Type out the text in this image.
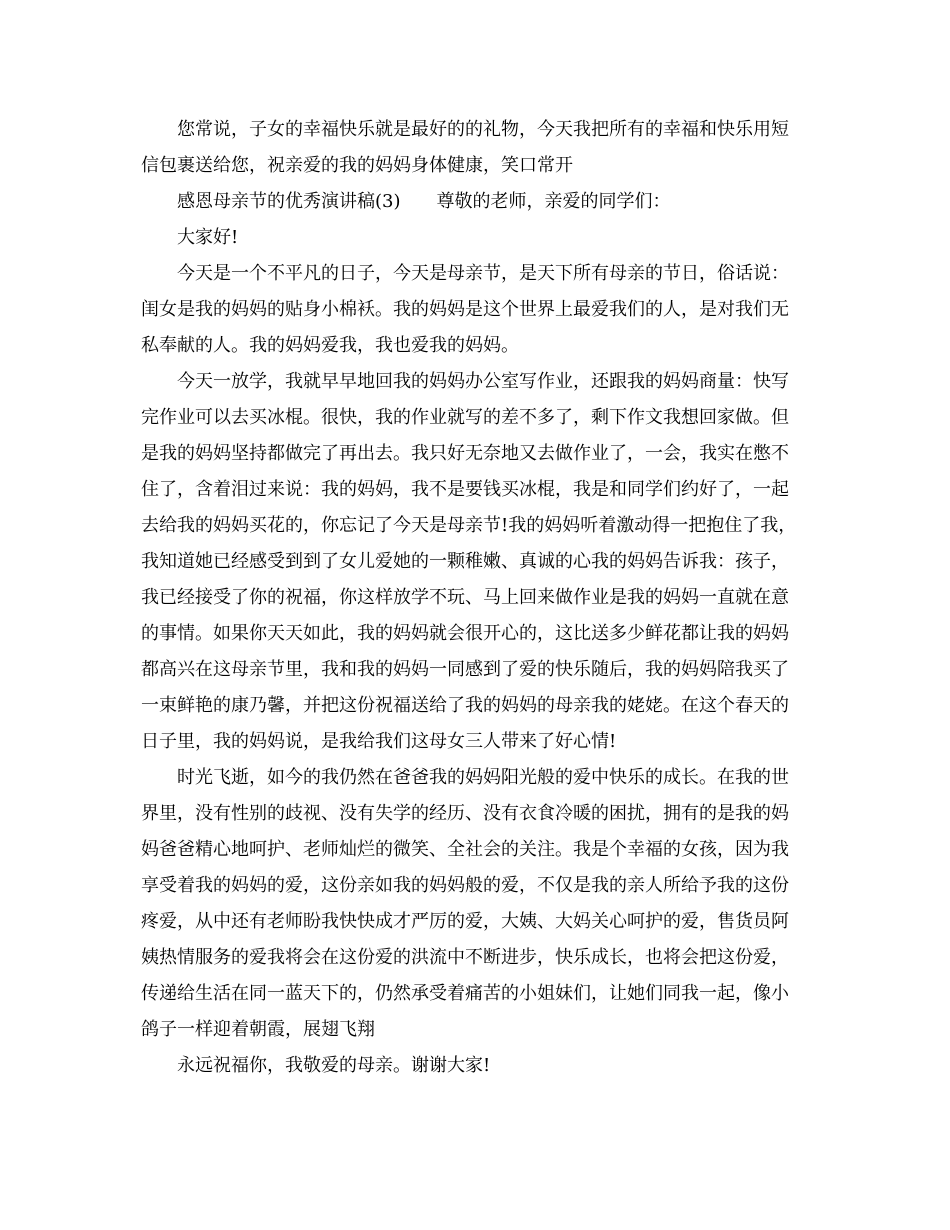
您常说，子女的幸福快乐就是最好的的礼物，今天我把所有的幸福和快乐用短
信包裹送给您，祝亲爱的我的妈妈身体健康，笑口常开
感恩母亲节的优秀演讲稿(3) 尊敬的老师，亲爱的同学们：
大家好!
今天是一个不平凡的日子，今天是母亲节，是天下所有母亲的节日，俗话说：
闺女是我的妈妈的贴身小棉袄。我的妈妈是这个世界上最爱我们的人，是对我们无
私奉献的人。我的妈妈爱我，我也爱我的妈妈。
今天一放学，我就早早地回我的妈妈办公室写作业，还跟我的妈妈商量：快写
完作业可以去买冰棍。很快，我的作业就写的差不多了，剩下作文我想回家做。但
是我的妈妈坚持都做完了再出去。我只好无奈地又去做作业了，一会，我实在憋不
住了，含着泪过来说：我的妈妈，我不是要钱买冰棍，我是和同学们约好了，一起
去给我的妈妈买花的，你忘记了今天是母亲节!我的妈妈听着激动得一把抱住了我，
我知道她已经感受到到了女儿爱她的一颗稚嫩、真诚的心我的妈妈告诉我：孩子，
我已经接受了你的祝福，你这样放学不玩、马上回来做作业是我的妈妈一直就在意
的事情。如果你天天如此，我的妈妈就会很开心的，这比送多少鲜花都让我的妈妈
都高兴在这母亲节里，我和我的妈妈一同感到了爱的快乐随后，我的妈妈陪我买了
一束鲜艳的康乃馨，并把这份祝福送给了我的妈妈的母亲我的姥姥。在这个春天的
日子里，我的妈妈说，是我给我们这母女三人带来了好心情!
时光飞逝，如今的我仍然在爸爸我的妈妈阳光般的爱中快乐的成长。在我的世
界里，没有性别的歧视、没有失学的经历、没有衣食冷暖的困扰，拥有的是我的妈
妈爸爸精心地呵护、老师灿烂的微笑、全社会的关注。我是个幸福的女孩，因为我
享受着我的妈妈的爱，这份亲如我的妈妈般的爱，不仅是我的亲人所给予我的这份
疼爱，从中还有老师盼我快快成才严厉的爱，大姨、大妈关心呵护的爱，售货员阿
姨热情服务的爱我将会在这份爱的洪流中不断进步，快乐成长，也将会把这份爱，
传递给生活在同一蓝天下的，仍然承受着痛苦的小姐妹们，让她们同我一起，像小
鸽子一样迎着朝霞，展翅飞翔
永远祝福你，我敬爱的母亲。谢谢大家!
